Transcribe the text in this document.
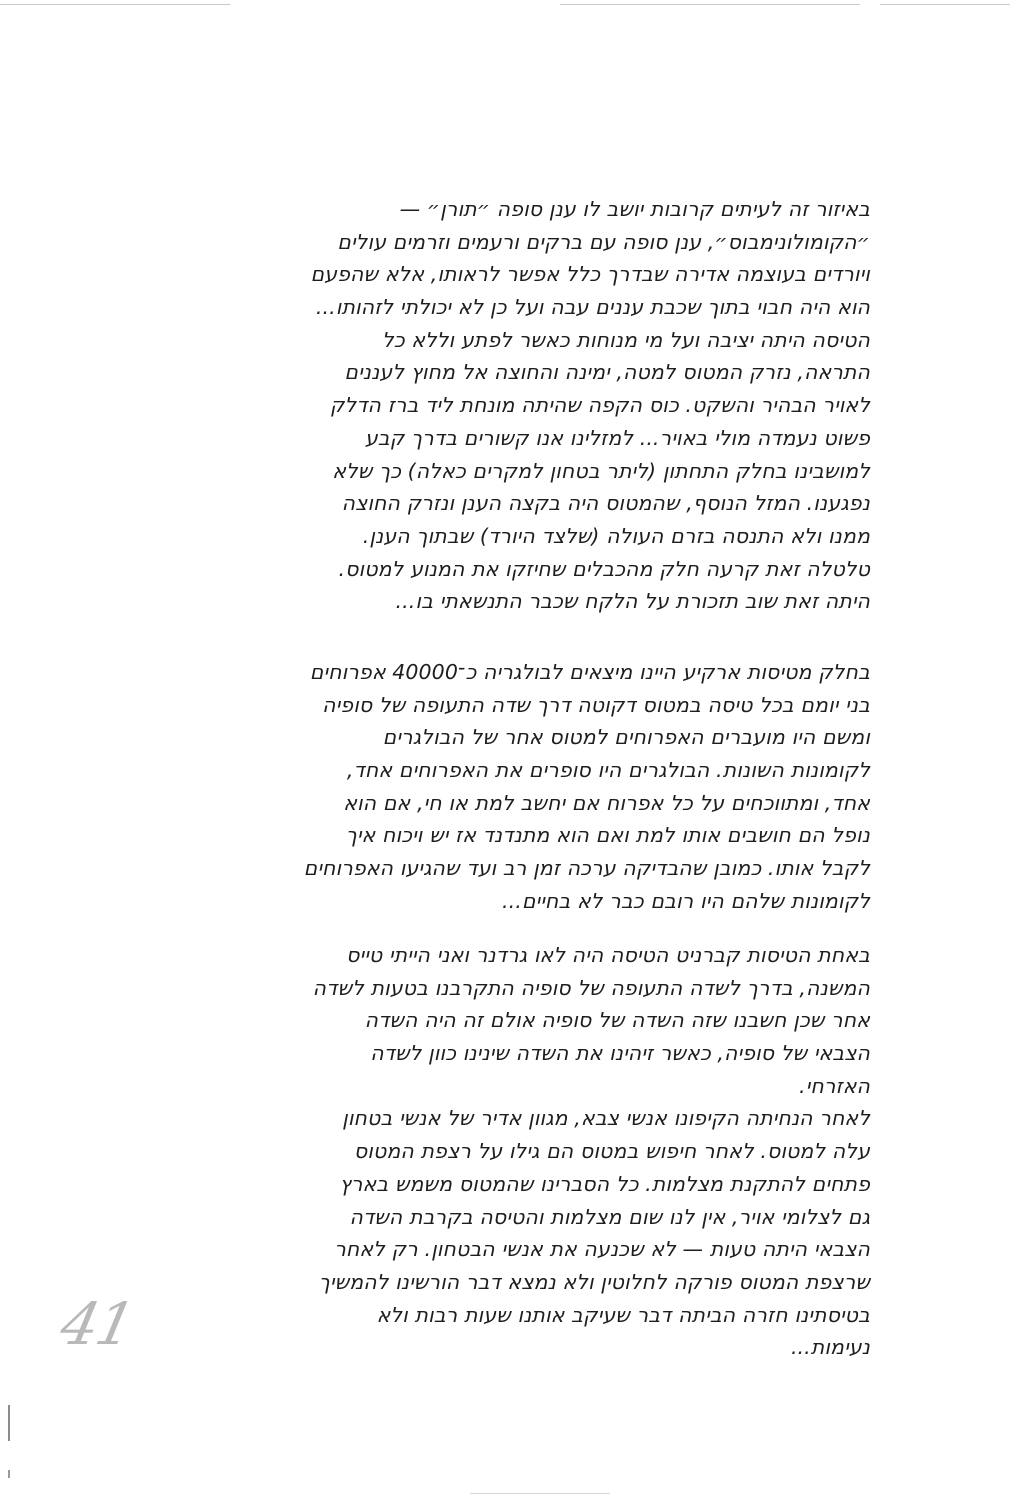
באיזור זה לעיתים קרובות יושב לו ענן סופה ״תורן״ —
״הקומולונימבוס״, ענן סופה עם ברקים ורעמים וזרמים עולים
ויורדים בעוצמה אדירה שבדרך כלל אפשר לראותו, אלא שהפעם
הוא היה חבוי בתוך שכבת עננים עבה ועל כן לא יכולתי לזהותו...
הטיסה היתה יציבה ועל מי מנוחות כאשר לפתע וללא כל
התראה, נזרק המטוס למטה, ימינה והחוצה אל מחוץ לעננים
לאויר הבהיר והשקט. כוס הקפה שהיתה מונחת ליד ברז הדלק
פשוט נעמדה מולי באויר... למזלינו אנו קשורים בדרך קבע
למושבינו בחלק התחתון (ליתר בטחון למקרים כאלה) כך שלא
נפגענו. המזל הנוסף, שהמטוס היה בקצה הענן ונזרק החוצה
ממנו ולא התנסה בזרם העולה (שלצד היורד) שבתוך הענן.
טלטלה זאת קרעה חלק מהכבלים שחיזקו את המנוע למטוס.
היתה זאת שוב תזכורת על הלקח שכבר התנשאתי בו...
בחלק מטיסות ארקיע היינו מיצאים לבולגריה כ־40000 אפרוחים
בני יומם בכל טיסה במטוס דקוטה דרך שדה התעופה של סופיה
ומשם היו מועברים האפרוחים למטוס אחר של הבולגרים
לקומונות השונות. הבולגרים היו סופרים את האפרוחים אחד,
אחד, ומתווכחים על כל אפרוח אם יחשב למת או חי, אם הוא
נופל הם חושבים אותו למת ואם הוא מתנדנד אז יש ויכוח איך
לקבל אותו. כמובן שהבדיקה ערכה זמן רב ועד שהגיעו האפרוחים
לקומונות שלהם היו רובם כבר לא בחיים...
באחת הטיסות קברניט הטיסה היה לאו גרדנר ואני הייתי טייס
המשנה, בדרך לשדה התעופה של סופיה התקרבנו בטעות לשדה
אחר שכן חשבנו שזה השדה של סופיה אולם זה היה השדה
הצבאי של סופיה, כאשר זיהינו את השדה שינינו כוון לשדה
האזרחי.
לאחר הנחיתה הקיפונו אנשי צבא, מגוון אדיר של אנשי בטחון
עלה למטוס. לאחר חיפוש במטוס הם גילו על רצפת המטוס
פתחים להתקנת מצלמות. כל הסברינו שהמטוס משמש בארץ
גם לצלומי אויר, אין לנו שום מצלמות והטיסה בקרבת השדה
הצבאי היתה טעות — לא שכנעה את אנשי הבטחון. רק לאחר
שרצפת המטוס פורקה לחלוטין ולא נמצא דבר הורשינו להמשיך
בטיסתינו חזרה הביתה דבר שעיקב אותנו שעות רבות ולא
נעימות...
41
